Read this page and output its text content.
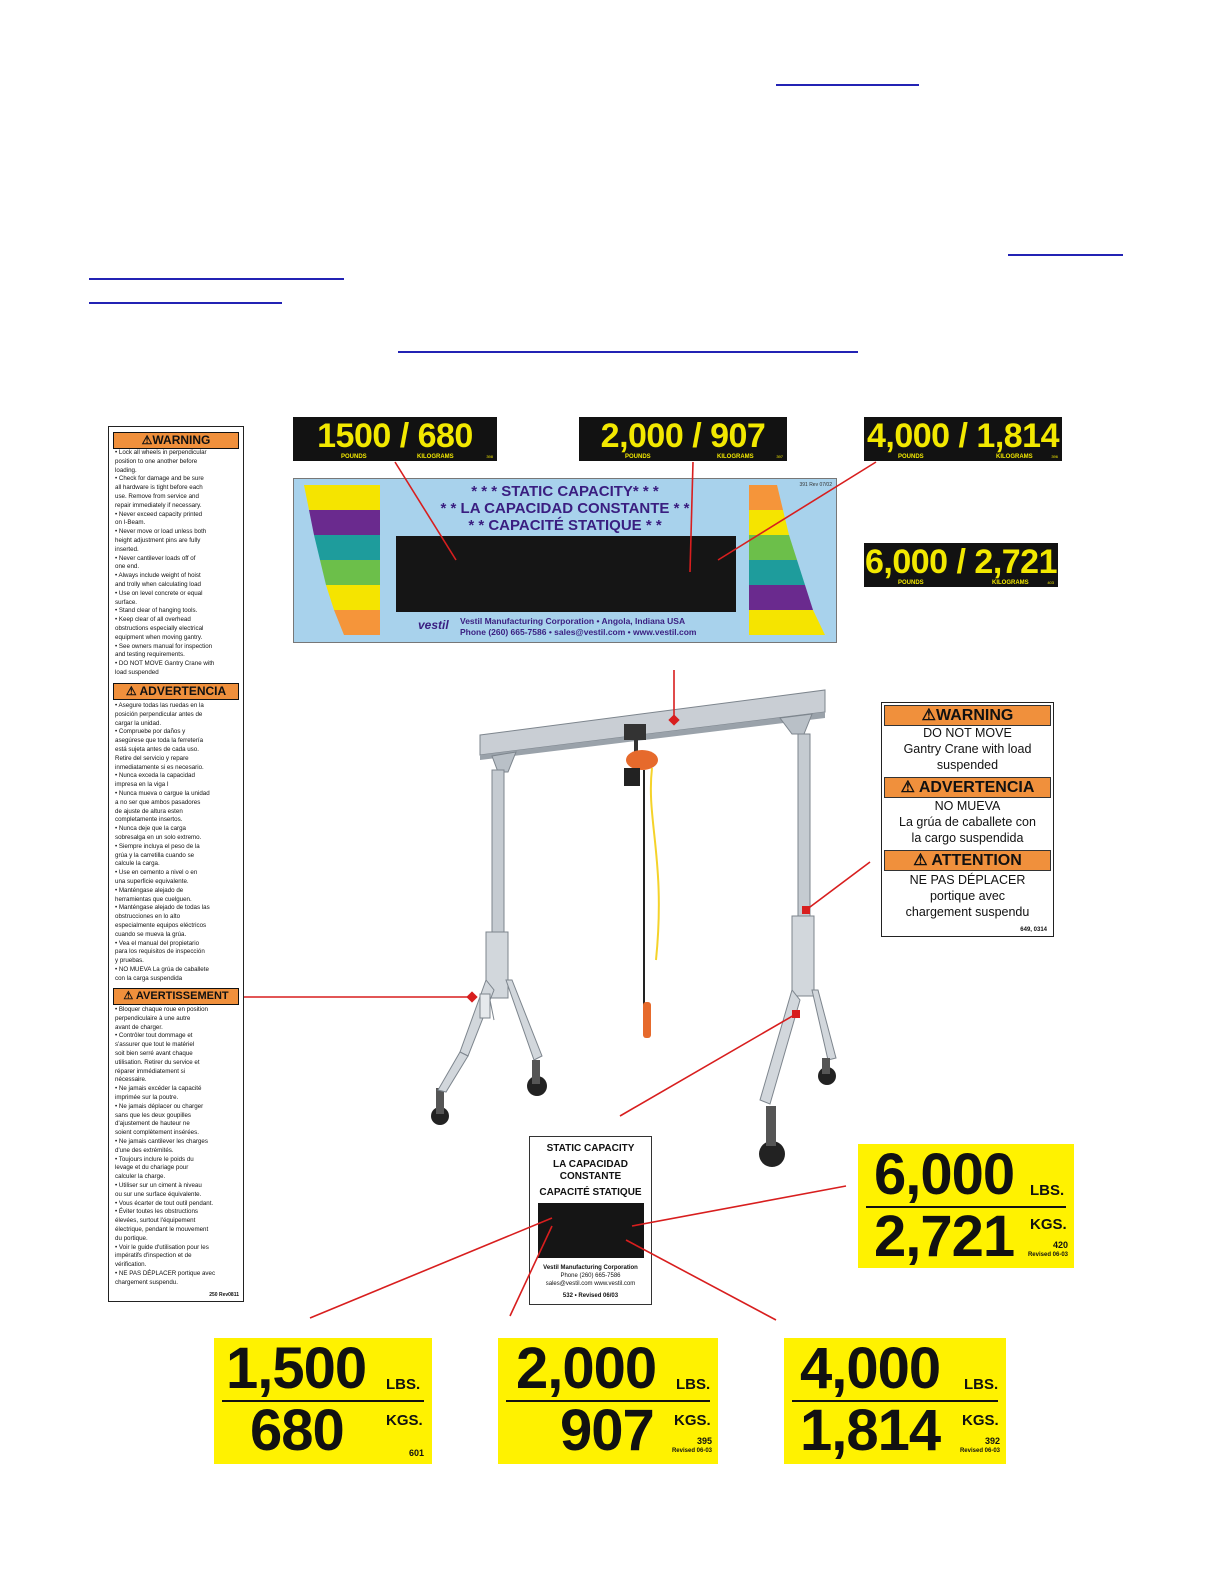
1500 / 680
POUNDS	KILOGRAMS	398
2,000 / 907
POUNDS	KILOGRAMS	397
4,000 / 1,814
POUNDS	KILOGRAMS	396
6,000 / 2,721
POUNDS	KILOGRAMS	403
391 Rev 07/02
* * * STATIC CAPACITY* * *
* * LA CAPACIDAD CONSTANTE * *
* * CAPACITÉ STATIQUE * *
vestil Vestil Manufacturing Corporation • Angola, Indiana USA
Phone (260) 665-7586 • sales@vestil.com • www.vestil.com
⚠WARNING
• Lock all wheels in perpendicular
position to one another before
loading.
• Check for damage and be sure
all hardware is tight before each
use. Remove from service and
repair immediately if necessary.
• Never exceed capacity printed
on I-Beam.
• Never move or load unless both
height adjustment pins are fully
inserted.
• Never cantilever loads off of
one end.
• Always include weight of hoist
and trolly when calculating load
• Use on level concrete or equal
surface.
• Stand clear of hanging tools.
• Keep clear of all overhead
obstructions especially electrical
equipment when moving gantry.
• See owners manual for inspection
and testing requirements.
• DO NOT MOVE Gantry Crane with
load suspended
⚠ ADVERTENCIA
• Asegure todas las ruedas en la
posición perpendicular antes de
cargar la unidad.
• Compruebe por daños y
asegúrese que toda la ferretería
está sujeta antes de cada uso.
Retire del servicio y repare
inmediatamente si es necesario.
• Nunca exceda la capacidad
impresa en la viga I
• Nunca mueva o cargue la unidad
a no ser que ambos pasadores
de ajuste de altura esten
completamente insertos.
• Nunca deje que la carga
sobresalga en un solo extremo.
• Siempre incluya el peso de la
grúa y la carretilla cuando se
calcule la carga.
• Use en cemento a nivel o en
una superficie equivalente.
• Manténgase alejado de
herramientas que cuelguen.
• Manténgase alejado de todas las
obstrucciones en lo alto
especialmente equipos eléctricos
cuando se mueva la grúa.
• Vea el manual del propietario
para los requisitos de inspección
y pruebas.
• NO MUEVA La grúa de caballete
con la carga suspendida
⚠ AVERTISSEMENT
• Bloquer chaque roue en position
perpendiculaire à une autre
avant de charger.
• Contrôler tout dommage et
s'assurer que tout le matériel
soit bien serré avant chaque
utilisation. Retirer du service et
réparer immédiatement si
nécessaire.
• Ne jamais excéder la capacité
imprimée sur la poutre.
• Ne jamais déplacer ou charger
sans que les deux goupilles
d'ajustement de hauteur ne
soient complètement insérées.
• Ne jamais cantilever les charges
d'une des extrémités.
• Toujours inclure le poids du
levage et du chariage pour
calculer la charge.
• Utiliser sur un ciment à niveau
ou sur une surface équivalente.
• Vous écarter de tout outil pendant.
• Éviter toutes les obstructions
élevées, surtout l'équipement
électrique, pendant le mouvement
du portique.
• Voir le guide d'utilisation pour les
impératifs d'inspection et de
vérification.
• NE PAS DÉPLACER portique avec
chargement suspendu.
250 Rev0811
⚠WARNING
DO NOT MOVE
Gantry Crane with load
suspended
⚠ ADVERTENCIA
NO MUEVA
La grúa de caballete con
la cargo suspendida
⚠ ATTENTION
NE PAS DÉPLACER
portique avec
chargement suspendu
649, 0314
STATIC CAPACITY
LA CAPACIDAD
CONSTANTE
CAPACITÉ STATIQUE
Vestil Manufacturing Corporation
Phone (260) 665-7586
sales@vestil.com www.vestil.com
532 • Revised 06/03
6,000 LBS.
2,721 KGS.
420
Revised 06-03
1,500 LBS.
680	KGS.
601
2,000 LBS.
907 KGS.
395
Revised 06-03
4,000 LBS.
1,814 KGS.
392
Revised 06-03
